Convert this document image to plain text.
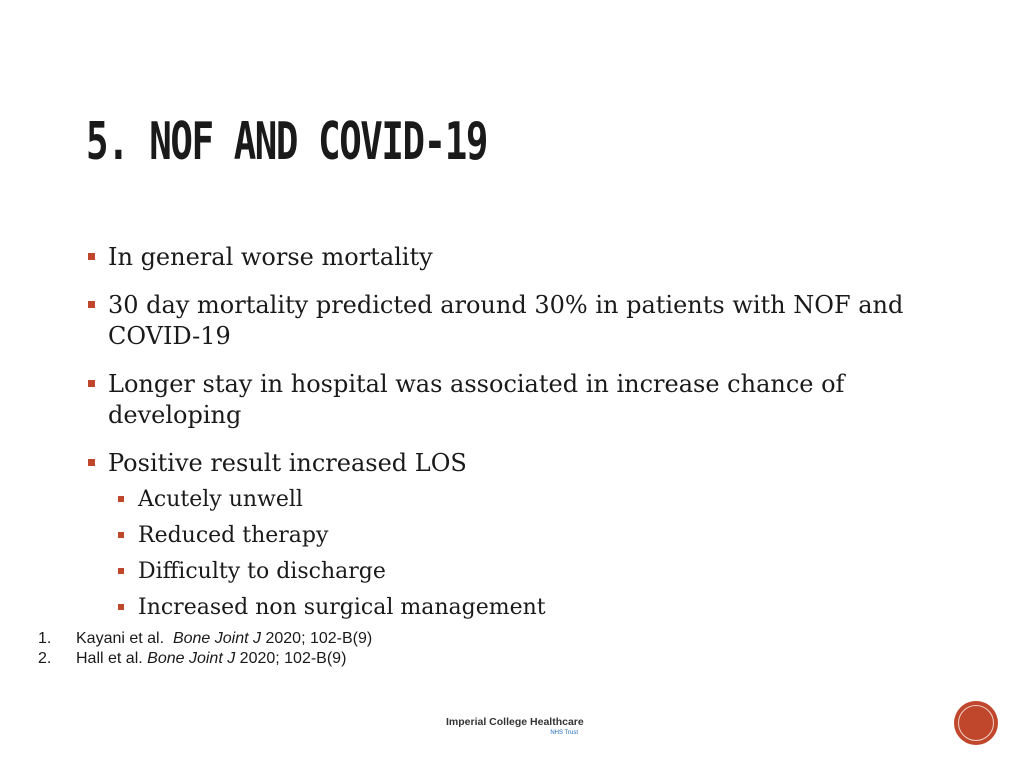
5. NOF AND COVID-19
In general worse mortality
30 day mortality predicted around 30% in patients with NOF and COVID-19
Longer stay in hospital was associated in increase chance of developing
Positive result increased LOS
Acutely unwell
Reduced therapy
Difficulty to discharge
Increased non surgical management
1. Kayani et al. Bone Joint J 2020; 102-B(9)
2. Hall et al. Bone Joint J 2020; 102-B(9)
Imperial College Healthcare
NHS Trust
